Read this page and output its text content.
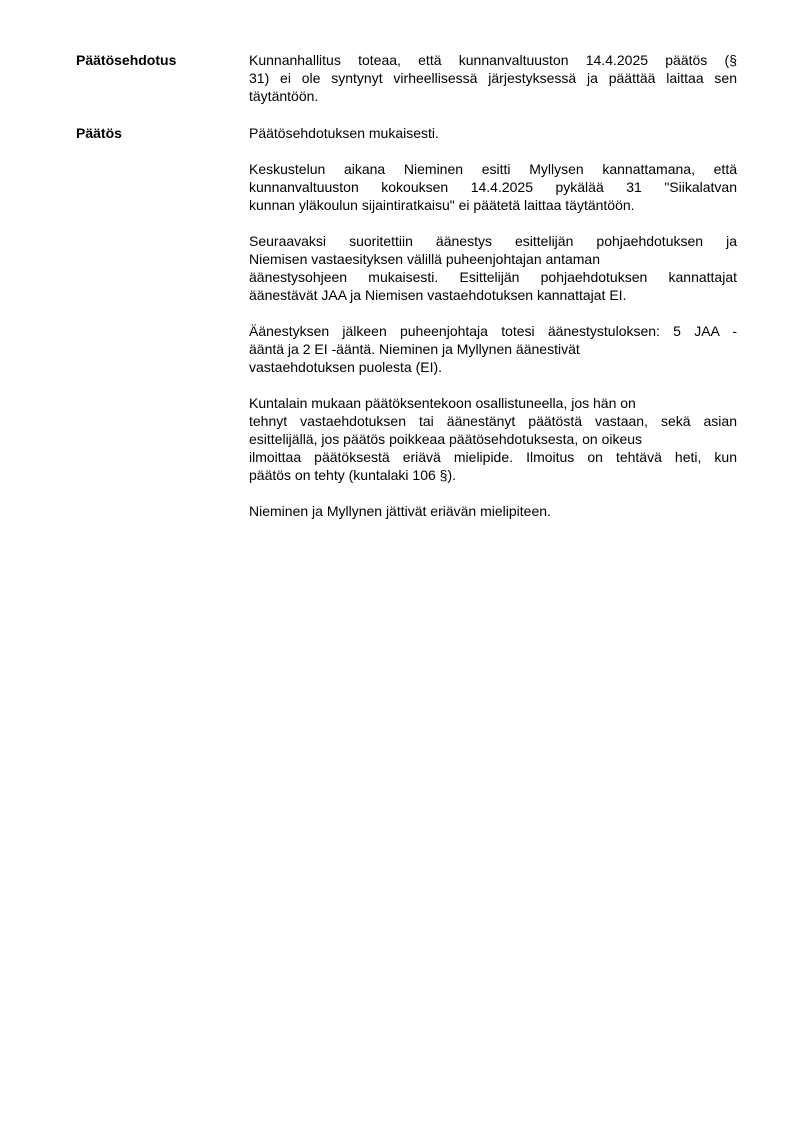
Päätösehdotus	Kunnanhallitus toteaa, että kunnanvaltuuston 14.4.2025 päätös (§
31) ei ole syntynyt virheellisessä järjestyksessä ja päättää laittaa sen
täytäntöön.

Päätös	Päätösehdotuksen mukaisesti.

Keskustelun aikana Nieminen esitti Myllysen kannattamana, että
kunnanvaltuuston kokouksen 14.4.2025 pykälää 31 "Siikalatvan
kunnan yläkoulun sijaintiratkaisu" ei päätetä laittaa täytäntöön.

Seuraavaksi suoritettiin äänestys esittelijän pohjaehdotuksen ja
Niemisen vastaesityksen välillä puheenjohtajan antaman
äänestysohjeen mukaisesti. Esittelijän pohjaehdotuksen kannattajat
äänestävät JAA ja Niemisen vastaehdotuksen kannattajat EI.

Äänestyksen jälkeen puheenjohtaja totesi äänestystuloksen: 5 JAA -
ääntä ja 2 EI -ääntä. Nieminen ja Myllynen äänestivät
vastaehdotuksen puolesta (EI).

Kuntalain mukaan päätöksentekoon osallistuneella, jos hän on
tehnyt vastaehdotuksen tai äänestänyt päätöstä vastaan, sekä asian
esittelijällä, jos päätös poikkeaa päätösehdotuksesta, on oikeus
ilmoittaa päätöksestä eriävä mielipide. Ilmoitus on tehtävä heti, kun
päätös on tehty (kuntalaki 106 §).

Nieminen ja Myllynen jättivät eriävän mielipiteen.
